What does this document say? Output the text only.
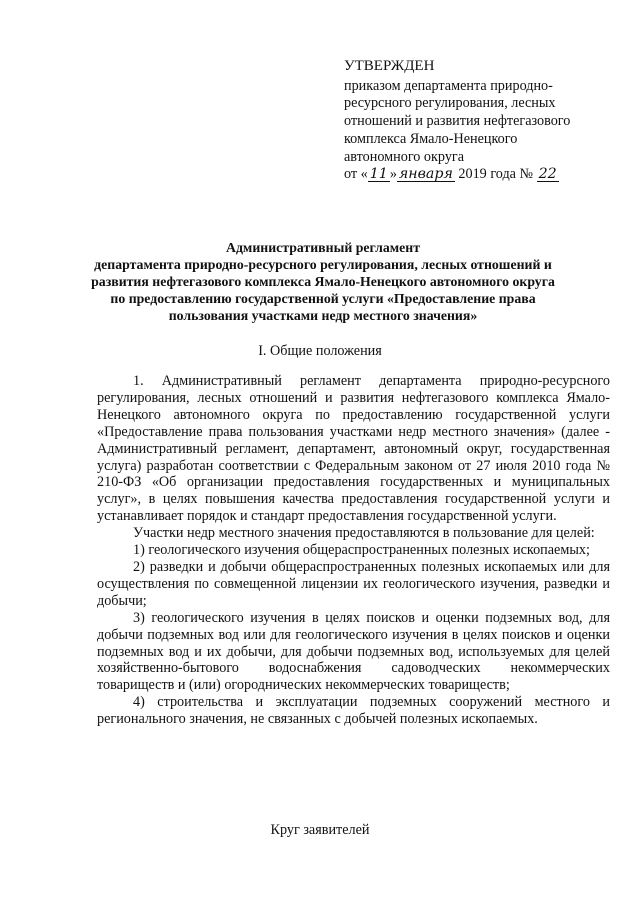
УТВЕРЖДЕН
приказом департамента природно-
ресурсного регулирования, лесных
отношений и развития нефтегазового
комплекса Ямало-Ненецкого
автономного округа
от « 11 » января 2019 года № 22
Административный регламент
департамента природно-ресурсного регулирования, лесных отношений и
развития нефтегазового комплекса Ямало-Ненецкого автономного округа
по предоставлению государственной услуги «Предоставление права
пользования участками недр местного значения»
I. Общие положения

1. Административный регламент департамента природно-ресурсного регулирования, лесных отношений и развития нефтегазового комплекса Ямало-Ненецкого автономного округа по предоставлению государственной услуги «Предоставление права пользования участками недр местного значения» (далее - Административный регламент, департамент, автономный округ, государственная услуга) разработан соответствии с Федеральным законом от 27 июля 2010 года № 210-ФЗ «Об организации предоставления государственных и муниципальных услуг», в целях повышения качества предоставления государственной услуги и устанавливает порядок и стандарт предоставления государственной услуги.

Участки недр местного значения предоставляются в пользование для целей:

1) геологического изучения общераспространенных полезных ископаемых;

2) разведки и добычи общераспространенных полезных ископаемых или для осуществления по совмещенной лицензии их геологического изучения, разведки и добычи;

3) геологического изучения в целях поисков и оценки подземных вод, для добычи подземных вод или для геологического изучения в целях поисков и оценки подземных вод и их добычи, для добычи подземных вод, используемых для целей хозяйственно-бытового водоснабжения садоводческих некоммерческих товариществ и (или) огороднических некоммерческих товариществ;

4) строительства и эксплуатации подземных сооружений местного и регионального значения, не связанных с добычей полезных ископаемых.

Круг заявителей
